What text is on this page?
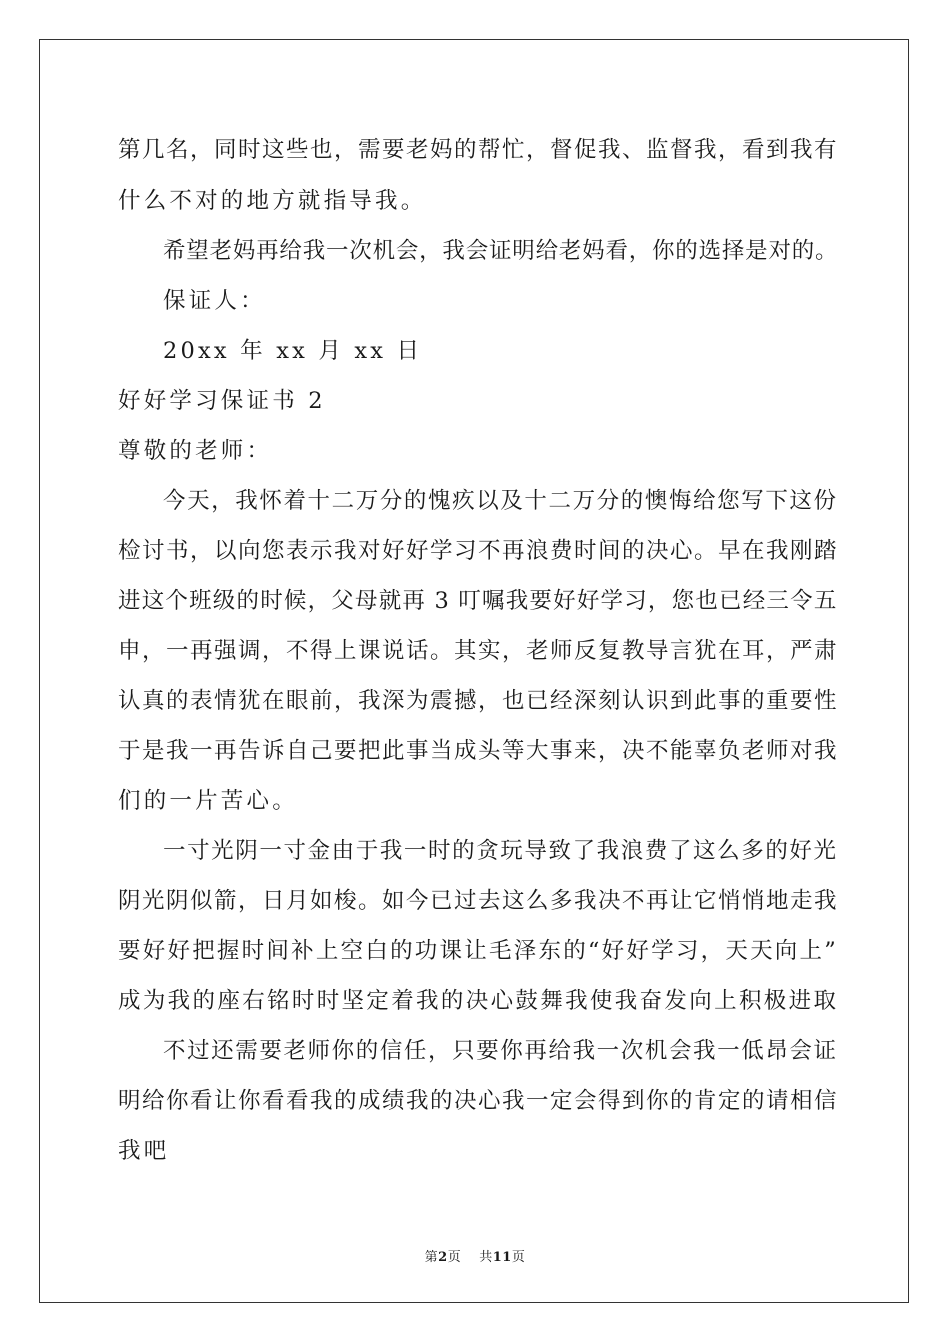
第几名，同时这些也，需要老妈的帮忙，督促我、监督我，看到我有
什么不对的地方就指导我。
希望老妈再给我一次机会，我会证明给老妈看，你的选择是对的。
保证人：
20xx 年 xx 月 xx 日
好好学习保证书 2
尊敬的老师：
今天，我怀着十二万分的愧疚以及十二万分的懊悔给您写下这份
检讨书，以向您表示我对好好学习不再浪费时间的决心。早在我刚踏
进这个班级的时候，父母就再 3 叮嘱我要好好学习，您也已经三令五
申，一再强调，不得上课说话。其实，老师反复教导言犹在耳，严肃
认真的表情犹在眼前，我深为震撼，也已经深刻认识到此事的重要性
于是我一再告诉自己要把此事当成头等大事来，决不能辜负老师对我
们的一片苦心。
一寸光阴一寸金由于我一时的贪玩导致了我浪费了这么多的好光
阴光阴似箭，日月如梭。如今已过去这么多我决不再让它悄悄地走我
要好好把握时间补上空白的功课让毛泽东的“好好学习，天天向上”
成为我的座右铭时时坚定着我的决心鼓舞我使我奋发向上积极进取
不过还需要老师你的信任，只要你再给我一次机会我一低昂会证
明给你看让你看看我的成绩我的决心我一定会得到你的肯定的请相信
我吧
第2页 共11页
